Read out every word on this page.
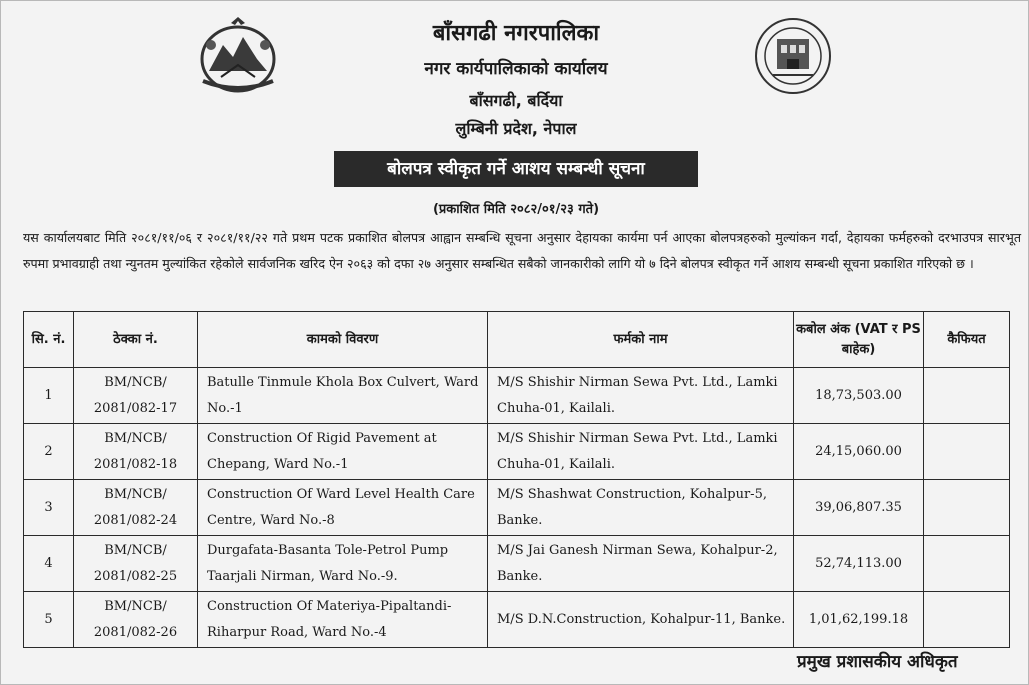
बाँसगढी नगरपालिका
नगर कार्यपालिकाको कार्यालय
बाँसगढी, बर्दिया
लुम्बिनी प्रदेश, नेपाल
बोलपत्र स्वीकृत गर्ने आशय सम्बन्धी सूचना
(प्रकाशित मिति २०८२/०१/२३ गते)
यस कार्यालयबाट मिति २०८१/११/०६ र २०८१/११/२२ गते प्रथम पटक प्रकाशित बोलपत्र आह्वान सम्बन्धि सूचना अनुसार देहायका कार्यमा पर्न आएका बोलपत्रहरुको मुल्यांकन गर्दा, देहायका फर्महरुको दरभाउपत्र सारभूत रुपमा प्रभावग्राही तथा न्युनतम मुल्यांकित रहेकोले सार्वजनिक खरिद ऐन २०६३ को दफा २७ अनुसार सम्बन्धित सबैको जानकारीको लागि यो ७ दिने बोलपत्र स्वीकृत गर्ने आशय सम्बन्धी सूचना प्रकाशित गरिएको छ ।
सि. नं.	ठेक्का नं.	कामको विवरण	फर्मको नाम	कबोल अंक (VAT र PS बाहेक)	कैफियत
1	BM/NCB/ 2081/082-17	Batulle Tinmule Khola Box Culvert, Ward No.-1	M/S Shishir Nirman Sewa Pvt. Ltd., Lamki Chuha-01, Kailali.	18,73,503.00	
2	BM/NCB/ 2081/082-18	Construction Of Rigid Pavement at Chepang, Ward No.-1	M/S Shishir Nirman Sewa Pvt. Ltd., Lamki Chuha-01, Kailali.	24,15,060.00	
3	BM/NCB/ 2081/082-24	Construction Of Ward Level Health Care Centre, Ward No.-8	M/S Shashwat Construction, Kohalpur-5, Banke.	39,06,807.35	
4	BM/NCB/ 2081/082-25	Durgafata-Basanta Tole-Petrol Pump Taarjali Nirman, Ward No.-9.	M/S Jai Ganesh Nirman Sewa, Kohalpur-2, Banke.	52,74,113.00	
5	BM/NCB/ 2081/082-26	Construction Of Materiya-Pipaltandi-Riharpur Road, Ward No.-4	M/S D.N.Construction, Kohalpur-11, Banke.	1,01,62,199.18	
प्रमुख प्रशासकीय अधिकृत
